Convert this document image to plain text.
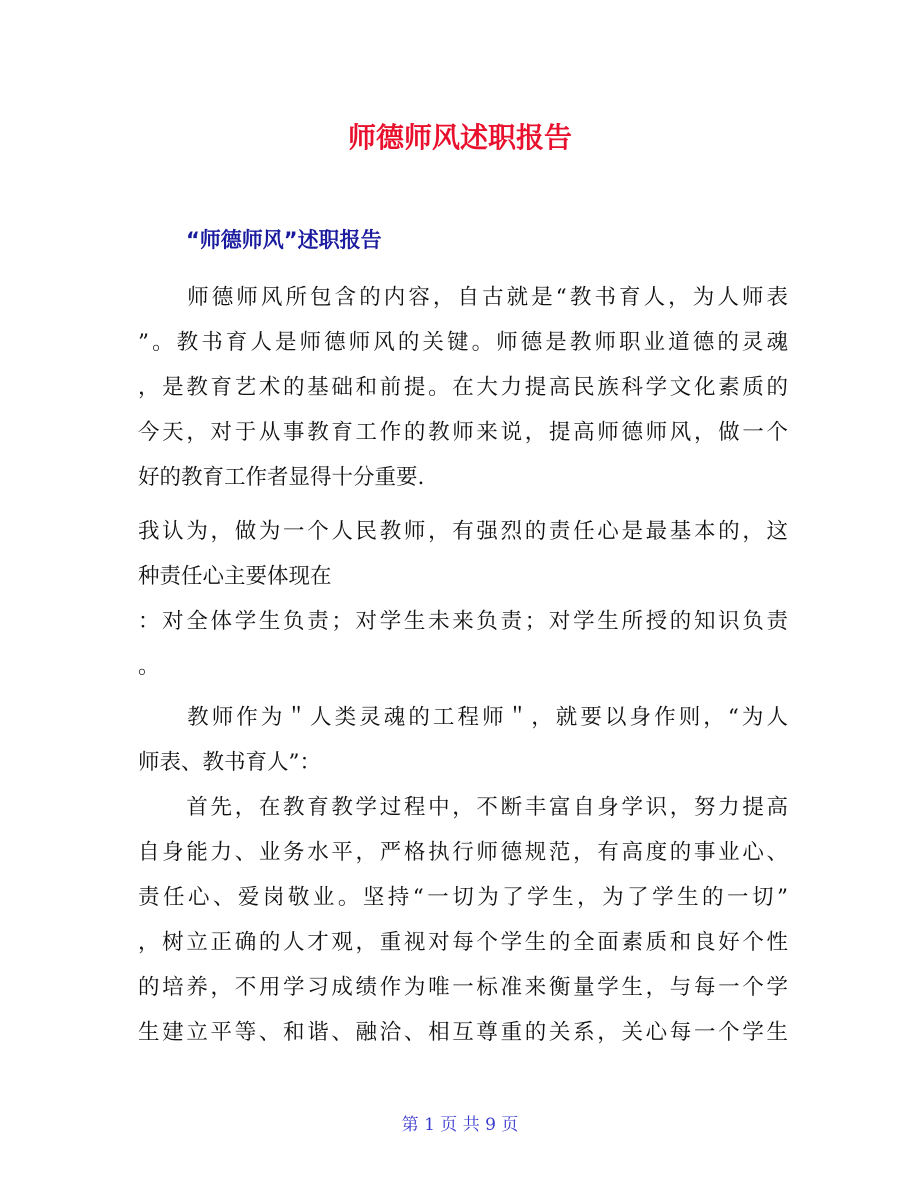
师德师风述职报告
“师德师风”述职报告
　　师德师风所包含的内容，自古就是“教书育人，为人师表
”。教书育人是师德师风的关键。师德是教师职业道德的灵魂
，是教育艺术的基础和前提。在大力提高民族科学文化素质的
今天，对于从事教育工作的教师来说，提高师德师风，做一个
好的教育工作者显得十分重要.
我认为，做为一个人民教师，有强烈的责任心是最基本的，这
种责任心主要体现在
：对全体学生负责；对学生未来负责；对学生所授的知识负责
。
　　教师作为＂人类灵魂的工程师＂，就要以身作则，“为人
师表、教书育人”：
　　首先，在教育教学过程中，不断丰富自身学识，努力提高
自身能力、业务水平，严格执行师德规范，有高度的事业心、
责任心、爱岗敬业。坚持“一切为了学生，为了学生的一切”
，树立正确的人才观，重视对每个学生的全面素质和良好个性
的培养，不用学习成绩作为唯一标准来衡量学生，与每一个学
生建立平等、和谐、融洽、相互尊重的关系，关心每一个学生
第 1 页 共 9 页
